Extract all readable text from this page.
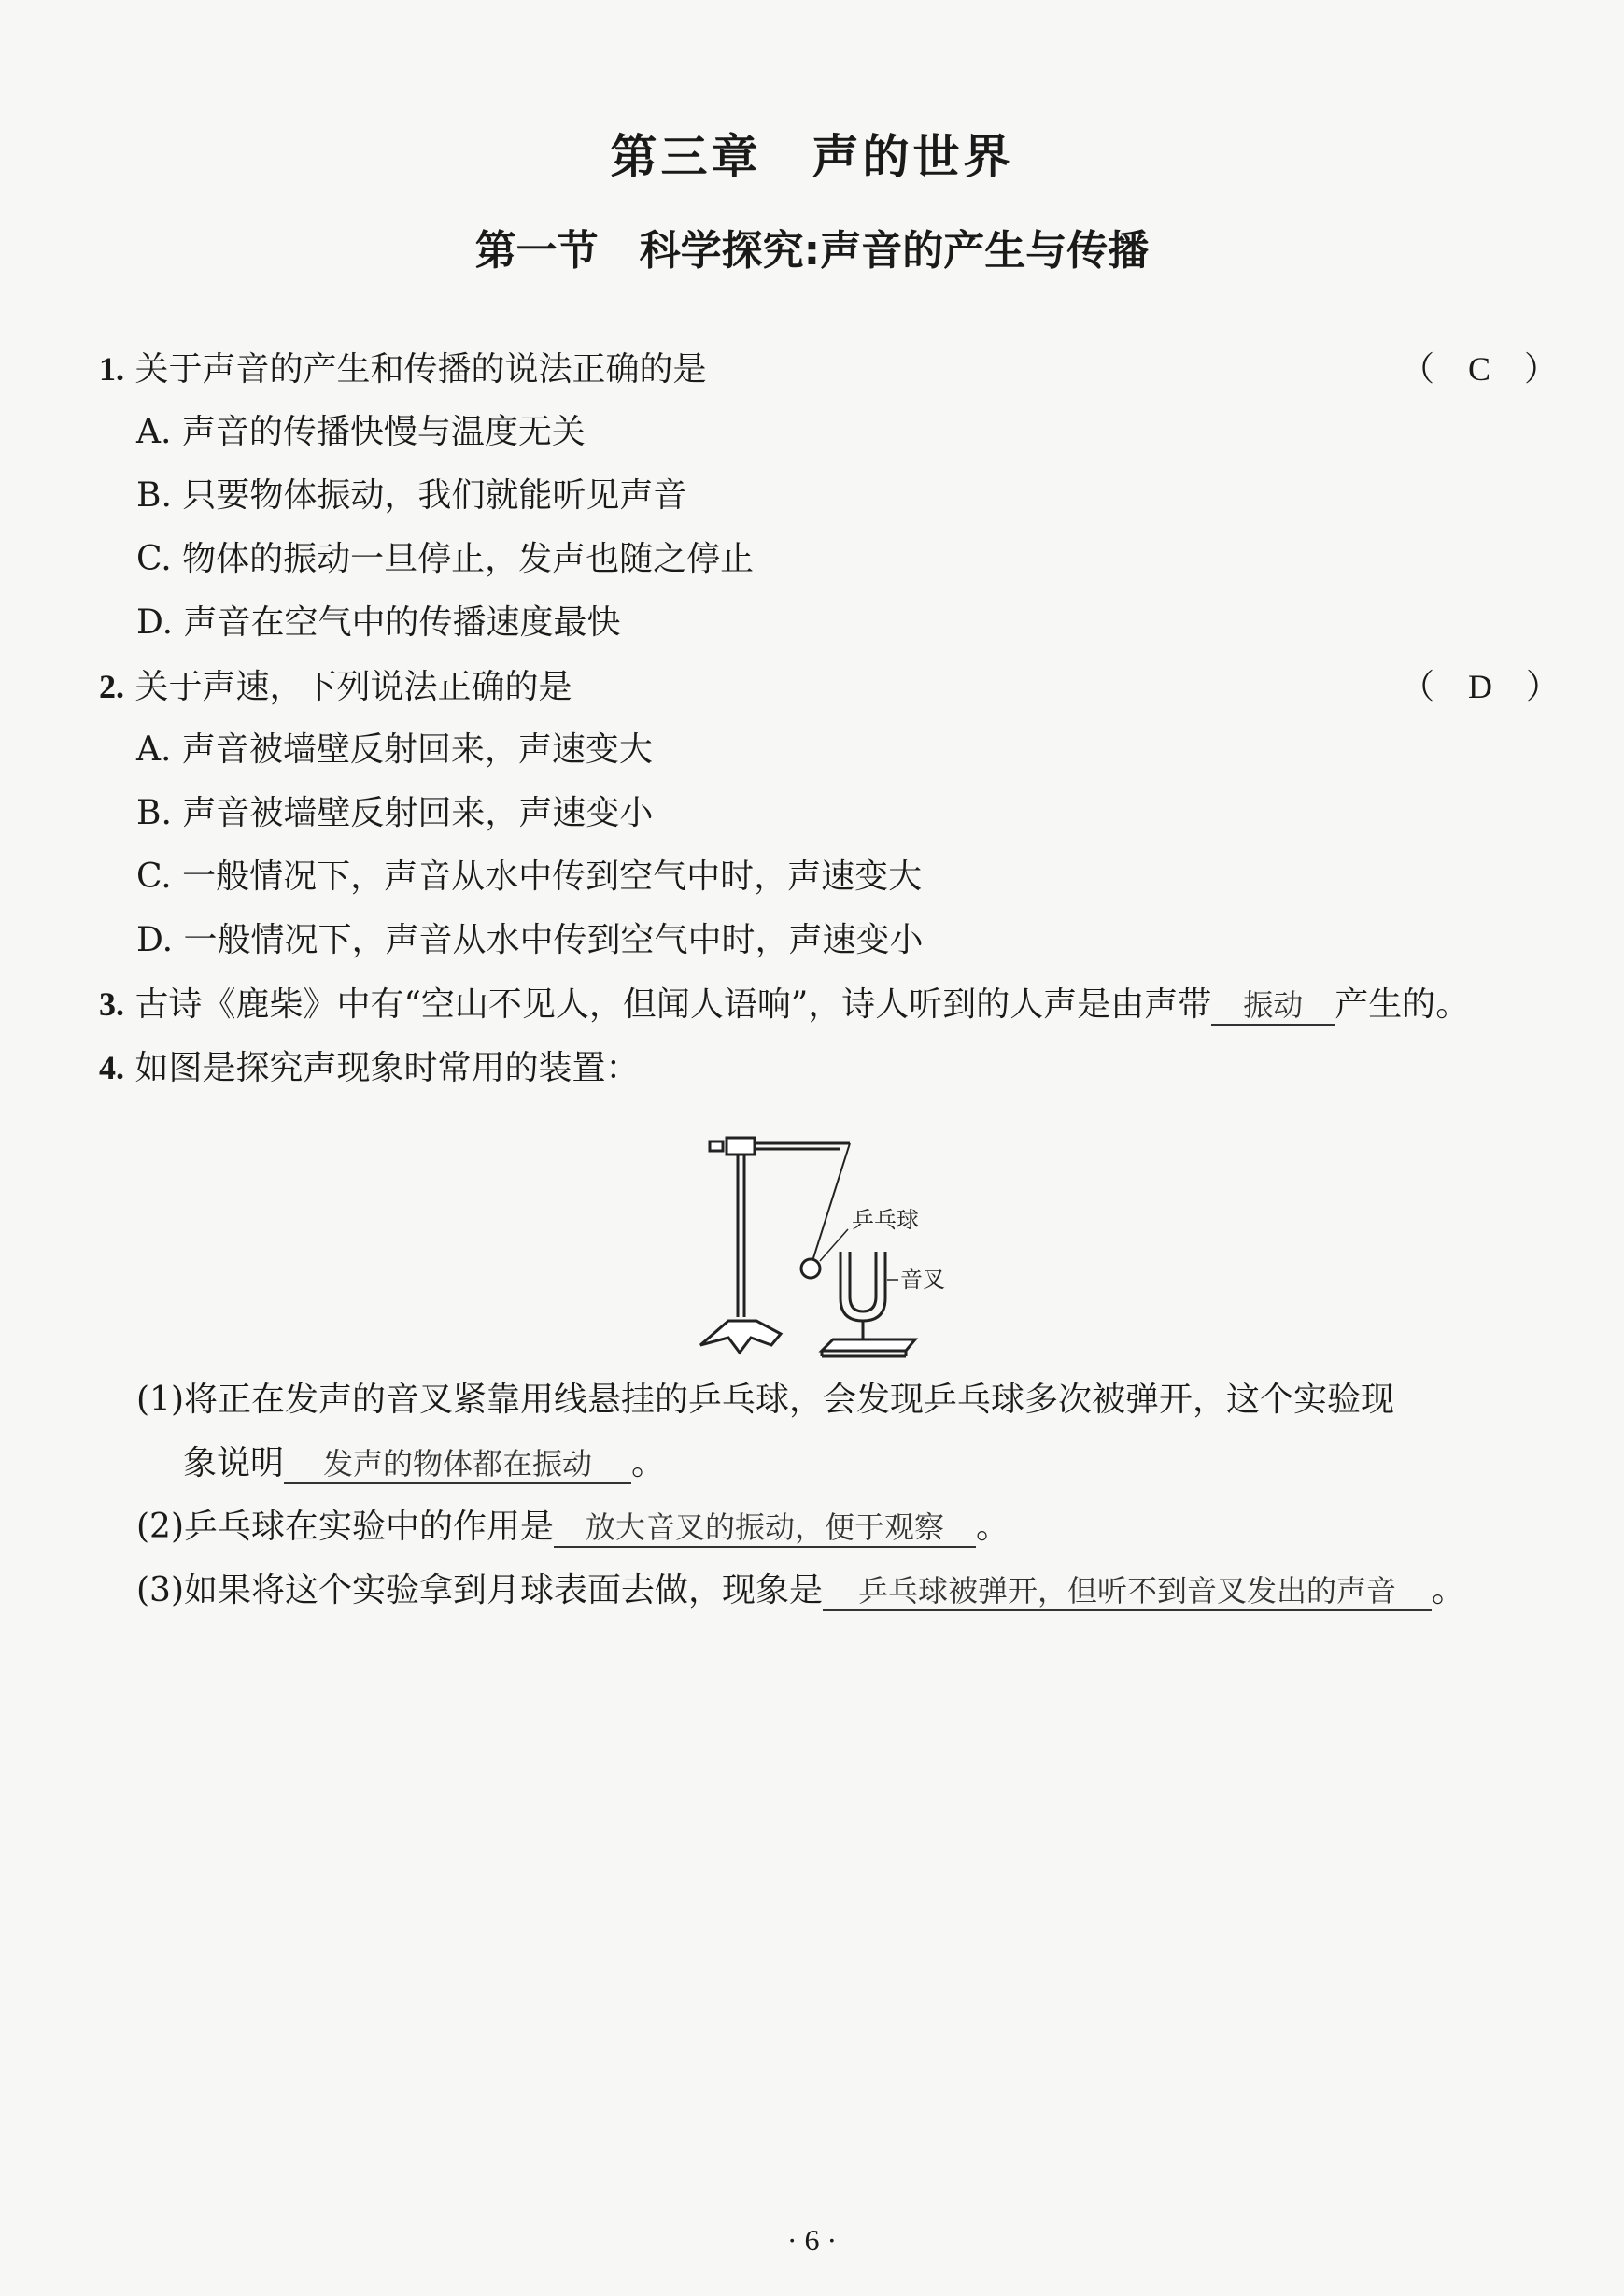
第三章　声的世界
第一节　科学探究:声音的产生与传播
1. 关于声音的产生和传播的说法正确的是	（　C　）
A. 声音的传播快慢与温度无关
B. 只要物体振动，我们就能听见声音
C. 物体的振动一旦停止，发声也随之停止
D. 声音在空气中的传播速度最快
2. 关于声速，下列说法正确的是	（　D　）
A. 声音被墙壁反射回来，声速变大
B. 声音被墙壁反射回来，声速变小
C. 一般情况下，声音从水中传到空气中时，声速变大
D. 一般情况下，声音从水中传到空气中时，声速变小
3. 古诗《鹿柴》中有“空山不见人，但闻人语响”，诗人听到的人声是由声带 振动 产生的。
4. 如图是探究声现象时常用的装置：
乒乓球
音叉
(1)将正在发声的音叉紧靠用线悬挂的乒乓球，会发现乒乓球多次被弹开，这个实验现
象说明 发声的物体都在振动 。
(2)乒乓球在实验中的作用是 放大音叉的振动，便于观察 。
(3)如果将这个实验拿到月球表面去做，现象是 乒乓球被弹开，但听不到音叉发出的声音 。
· 6 ·
